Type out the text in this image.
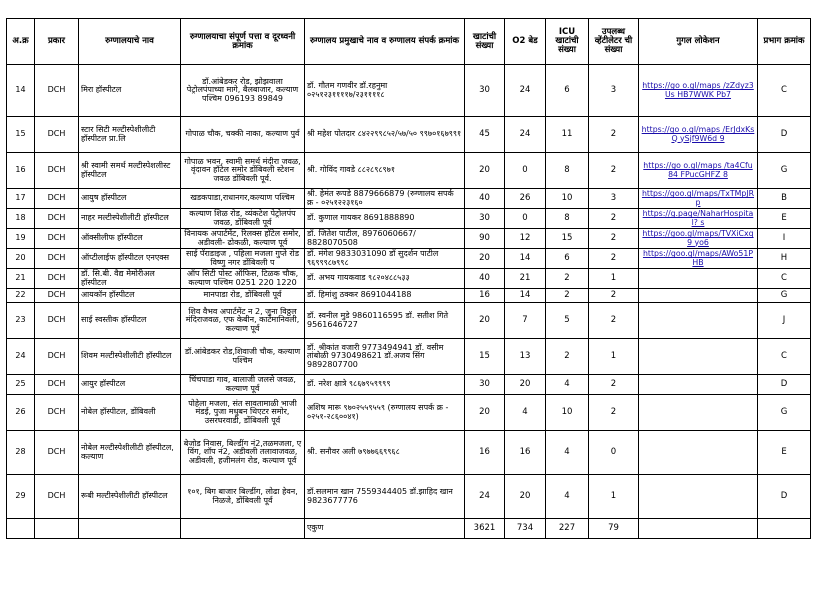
अ.क्र	प्रकार	रुग्णालयाचे नाव	रुग्णालयाचा संपूर्ण पत्ता व दूरध्वनी क्रमांक	रुग्णालय प्रमुखाचे नाव व रुग्णालय संपर्क क्रमांक	खाटांची संख्या	O2 बेड	ICU खाटांची संख्या	उपलब्ध व्हेंटीलेटर ची संख्या	गुगल लोकेशन	प्रभाग क्रमांक
14	DCH	मिरा हॉस्पीटल	डॉ.आंबेडकर रोड, झोझवाला पेट्रोलपंपाच्या मागे, बैलबाजार, कल्याण पश्चिम 096193 89849	डॉ. गौतम गणवीर डॉ.रहनुमा ०२५१२३११११७/२३११११८	30	24	6	3	https://go o.gl/maps /zZdyz3Us HB7WWK Pb7	C
15	DCH	स्टार सिटी मल्टीस्पेशीलीटी हॉस्पीटल प्रा.लि	गोपाळ चौक, चक्की नाका, कल्याण पुर्व	श्री महेश पोतदार ८४२२९९८५२/५७/५० ९९७०१६७९९१	45	24	11	2	https://go o.gl/maps /ErJdxKsQ ySjf9W6d 9	D
16	DCH	श्री स्वामी समर्थ मल्टीस्पेशलीस्ट हॉस्पीटल	गोपाळ भवन, स्वामी समर्थ मंदीरा जवळ, वृंदावन हॉटेल समोर डोंबिवली स्टेशन जवळ डोंबिवली पूर्व.	श्री. गोविंद गावडे ८८२८९८९७१	20	0	8	2	https://go o.gl/maps /ta4Cfu84 FPucGHFZ 8	G
17	DCH	आयुष हॉस्पीटल	खडकपाडा,राधानगर,कल्याण पश्चिम	श्री. हेमंत रूपडे 8879666879 (रुग्णालय सपर्क क्र - ०२५१२२३१६०	40	26	10	3	https://goo.gl/maps/TxTMpJR p	B
18	DCH	नाहर मल्टीस्पेशीलीटी हॉस्पीटल	कल्याण शिळ रोड, व्यंकटेश पेट्रोलपंप जवळ, डोंबिवली पूर्व	डॉ. कुणाल गायकर 8691888890	30	0	8	2	https://g.page/NaharHospital? s	E
19	DCH	ऑक्सीलीफ हॉस्पीटल	विनायक अपार्टमेंट, रिलक्स हॉटेल समोर, अडीवली- ढोकळी, कल्याण पूर्व	डॉ. जितेश पाटील, 8976060667/ 8828070508	90	12	15	2	https://goo.gl/maps/TVXiCxq9 yo6	I
20	DCH	ऑप्टीलाईफ हॉस्पीटल एनएक्स	साई पॅराडाइज , पहिला मजला गुप्ते रोड विष्णु नगर डोंबिवली प	डॉ. मंगेश 9833031090 डॉ सुदर्शन पाटील ९६९९९८७९९८	20	14	6	2	https://goo.gl/maps/AWo51P HB	H
21	DCH	डॉ. सि.बी. वैद्य मेमोरीअल हॉस्पीटल	ऑप सिटी पोस्ट ऑफिस, टिळक चौक, कल्याण पश्चिम 0251 220 1220	डॉ. अभय गायकवाड ९८२०४८८५३३	40	21	2	1		C
22	DCH	आयकॉन हॉस्पीटल	मानपाडा रोड, डोंबिवली पूर्व	डॉ. हिमांशु ठक्कर 8691044188	16	14	2	2		G
23	DCH	साई स्वस्तीक हॉस्पीटल	शिव वैभव अपार्टमेंट न 2, जुना विठ्ठल मंदिराजवळ, एफ केबीन, काटेमानिवली, कल्याण पूर्व	डॉ. स्वनील मुडे 9860116595 डॉ. सतीश गिते 9561646727	20	7	5	2		J
24	DCH	शिवम मल्टीस्पेशीलीटी हॉस्पीटल	डॉ.आंबेडकर रोड,शिवाजी चौक, कल्याण पश्चिम	डॉ. श्रीकांत वजारी 9773494941 डॉ. वसीम तांबोळी 9730498621 डॉ.अजय सिंग 9892807700	15	13	2	1		C
25	DCH	आयुर हॉस्पीटल	चिंचपाडा गाव, बालाजी जलसे जवळ, कल्याण पूर्व	डॉ. नरेश क्षात्रे ९८६७९५९९९९	30	20	4	2		D
26	DCH	नोबेल हॉस्पीटल, डोंबिवली	पोहेला मजला, संत सावतामाळी भाजी मंडई, पुजा मधुबन थिएटर समोर, उसरघरवाडी, डोंबिवली पूर्व	अशिष मारू ९७०२५५९५५९ (रुग्णालय सपर्क क्र - ०२५१-२८६००४१)	20	4	10	2		G
28	DCH	नोबेल मल्टीस्पेशीलीटी हॉस्पीटल, कल्याण	बेजोड निवास, बिल्डींग नं2,तळमजला, ए विंग, शॉप नं2, अडीवली तलावाजवळ, अडीवली, हजीमलंग रोड, कल्याण पूर्व	श्री. सनौवर अली ७९७७६६९९६८	16	16	4	0		E
29	DCH	रूबी मल्टीस्पेशीलीटी हॉस्पीटल	१०१, बिग बाजार बिल्डींग, लोढा हेवन, निळजे, डोंबिवली पूर्व	डॉ.सलमान खान 7559344405 डॉ.झाहिद खान 9823677776	24	20	4	1		D
				एकुण	3621	734	227	79		
